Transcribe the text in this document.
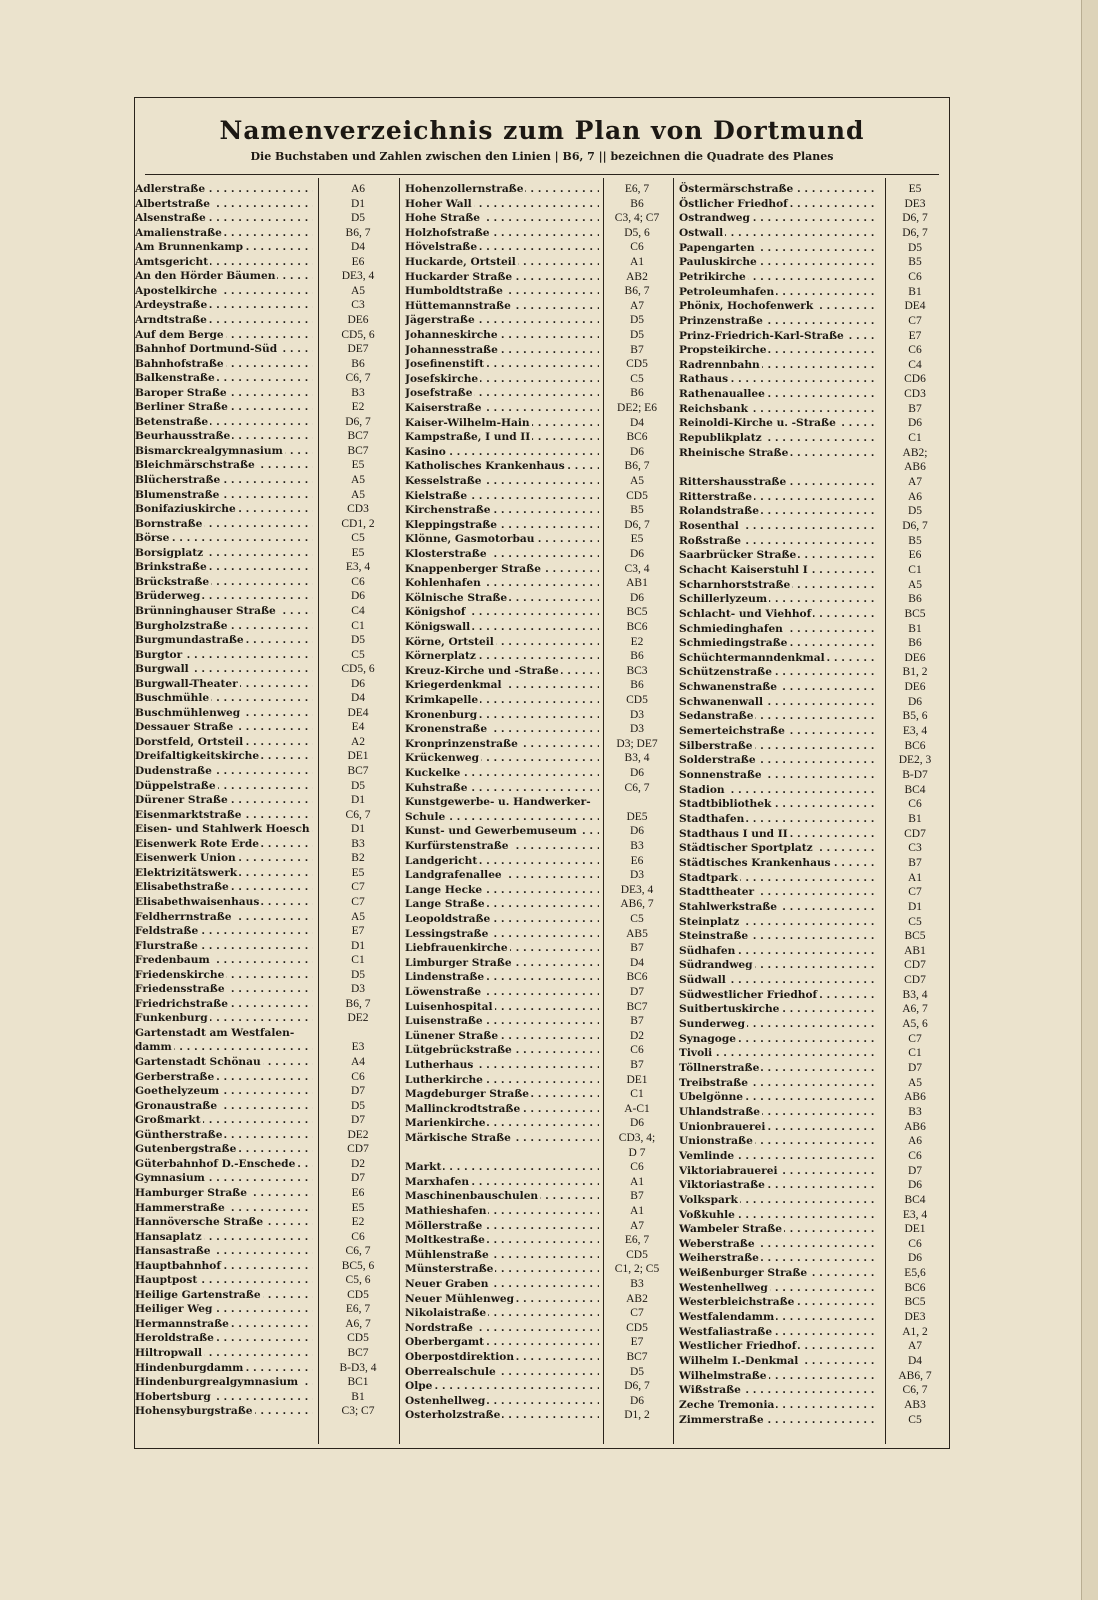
Namenverzeichnis zum Plan von Dortmund
Die Buchstaben und Zahlen zwischen den Linien | B6, 7 || bezeichnen die Quadrate des Planes
Adlerstraße . . .	A6
Albertstraße . . .	D1
Alsenstraße . . .	D5
Amalienstraße . . .	B6, 7
Am Brunnenkamp . . .	D4
Amtsgericht . . .	E6
An den Hörder Bäumen . . .	DE3, 4
Apostelkirche . . .	A5
Ardeystraße . . .	C3
Arndtstraße . . .	DE6
Auf dem Berge . . .	CD5, 6
Bahnhof Dortmund-Süd . . .	DE7
Bahnhofstraße . . .	B6
Balkenstraße . . .	C6, 7
Baroper Straße . . .	B3
Berliner Straße . . .	E2
Betenstraße . . .	D6, 7
Beurhausstraße . . .	BC7
Bismarckrealgymnasium . . .	BC7
Bleichmärschstraße . . .	E5
Blücherstraße . . .	A5
Blumenstraße . . .	A5
Bonifaziuskirche . . .	CD3
Bornstraße . . .	CD1, 2
Börse . . .	C5
Borsigplatz . . .	E5
Brinkstraße . . .	E3, 4
Brückstraße . . .	C6
Brüderweg . . .	D6
Brünninghauser Straße . . .	C4
Burgholzstraße . . .	C1
Burgmundastraße . . .	D5
Burgtor . . .	C5
Burgwall . . .	CD5, 6
Burgwall-Theater . . .	D6
Buschmühle . . .	D4
Buschmühlenweg . . .	DE4
Dessauer Straße . . .	E4
Dorstfeld, Ortsteil . . .	A2
Dreifaltigkeitskirche . . .	DE1
Dudenstraße . . .	BC7
Düppelstraße . . .	D5
Dürener Straße . . .	D1
Eisenmarktstraße . . .	C6, 7
Eisen- und Stahlwerk Hoesch . . .	D1
Eisenwerk Rote Erde . . .	B3
Eisenwerk Union . . .	B2
Elektrizitätswerk . . .	E5
Elisabethstraße . . .	C7
Elisabethwaisenhaus . . .	C7
Feldherrnstraße . . .	A5
Feldstraße . . .	E7
Flurstraße . . .	D1
Fredenbaum . . .	C1
Friedenskirche . . .	D5
Friedensstraße . . .	D3
Friedrichstraße . . .	B6, 7
Funkenburg . . .	DE2
Gartenstadt am Westfalen-
damm . . .	E3
Gartenstadt Schönau . . .	A4
Gerberstraße . . .	C6
Goethelyzeum . . .	D7
Gronaustraße . . .	D5
Großmarkt . . .	D7
Güntherstraße . . .	DE2
Gutenbergstraße . . .	CD7
Güterbahnhof D.-Enschede . . .	D2
Gymnasium . . .	D7
Hamburger Straße . . .	E6
Hammerstraße . . .	E5
Hannöversche Straße . . .	E2
Hansaplatz . . .	C6
Hansastraße . . .	C6, 7
Hauptbahnhof . . .	BC5, 6
Hauptpost . . .	C5, 6
Heilige Gartenstraße . . .	CD5
Heiliger Weg . . .	E6, 7
Hermannstraße . . .	A6, 7
Heroldstraße . . .	CD5
Hiltropwall . . .	BC7
Hindenburgdamm . . .	B-D3, 4
Hindenburgrealgymnasium . . .	BC1
Hobertsburg . . .	B1
Hohensyburgstraße . . .	C3; C7
Hohenzollernstraße . . .	E6, 7
Hoher Wall . . .	B6
Hohe Straße . . .	C3, 4; C7
Holzhofstraße . . .	D5, 6
Hövelstraße . . .	C6
Huckarde, Ortsteil . . .	A1
Huckarder Straße . . .	AB2
Humboldtstraße . . .	B6, 7
Hüttemannstraße . . .	A7
Jägerstraße . . .	D5
Johanneskirche . . .	D5
Johannesstraße . . .	B7
Josefinenstift . . .	CD5
Josefskirche . . .	C5
Josefstraße . . .	B6
Kaiserstraße . . .	DE2; E6
Kaiser-Wilhelm-Hain . . .	D4
Kampstraße, I und II . . .	BC6
Kasino . . .	D6
Katholisches Krankenhaus . . .	B6, 7
Kesselstraße . . .	A5
Kielstraße . . .	CD5
Kirchenstraße . . .	B5
Kleppingstraße . . .	D6, 7
Klönne, Gasmotorbau . . .	E5
Klosterstraße . . .	D6
Knappenberger Straße . . .	C3, 4
Kohlenhafen . . .	AB1
Kölnische Straße . . .	D6
Königshof . . .	BC5
Königswall . . .	BC6
Körne, Ortsteil . . .	E2
Körnerplatz . . .	B6
Kreuz-Kirche und -Straße . . .	BC3
Kriegerdenkmal . . .	B6
Krimkapelle . . .	CD5
Kronenburg . . .	D3
Kronenstraße . . .	D3
Kronprinzenstraße . . .	D3; DE7
Krückenweg . . .	B3, 4
Kuckelke . . .	D6
Kuhstraße . . .	C6, 7
Kunstgewerbe- u. Handwerker-
Schule . . .	DE5
Kunst- und Gewerbemuseum . . .	D6
Kurfürstenstraße . . .	B3
Landgericht . . .	E6
Landgrafenallee . . .	D3
Lange Hecke . . .	DE3, 4
Lange Straße . . .	AB6, 7
Leopoldstraße . . .	C5
Lessingstraße . . .	AB5
Liebfrauenkirche . . .	B7
Limburger Straße . . .	D4
Lindenstraße . . .	BC6
Löwenstraße . . .	D7
Luisenhospital . . .	BC7
Luisenstraße . . .	B7
Lünener Straße . . .	D2
Lütgebrückstraße . . .	C6
Lutherhaus . . .	B7
Lutherkirche . . .	DE1
Magdeburger Straße . . .	C1
Mallinckrodtstraße . . .	A-C1
Marienkirche . . .	D6
Märkische Straße . . .	CD3, 4;
D 7
Markt . . .	C6
Marxhafen . . .	A1
Maschinenbauschulen . . .	B7
Mathieshafen . . .	A1
Möllerstraße . . .	A7
Moltkestraße . . .	E6, 7
Mühlenstraße . . .	CD5
Münsterstraße . . .	C1, 2; C5
Neuer Graben . . .	B3
Neuer Mühlenweg . . .	AB2
Nikolaistraße . . .	C7
Nordstraße . . .	CD5
Oberbergamt . . .	E7
Oberpostdirektion . . .	BC7
Oberrealschule . . .	D5
Olpe . . .	D6, 7
Ostenhellweg . . .	D6
Osterholzstraße . . .	D1, 2
Östermärschstraße . . .	E5
Östlicher Friedhof . . .	DE3
Ostrandweg . . .	D6, 7
Ostwall . . .	D6, 7
Papengarten . . .	D5
Pauluskirche . . .	B5
Petrikirche . . .	C6
Petroleumhafen . . .	B1
Phönix, Hochofenwerk . . .	DE4
Prinzenstraße . . .	C7
Prinz-Friedrich-Karl-Straße . . .	E7
Propsteikirche . . .	C6
Radrennbahn . . .	C4
Rathaus . . .	CD6
Rathenauallee . . .	CD3
Reichsbank . . .	B7
Reinoldi-Kirche u. -Straße . . .	D6
Republikplatz . . .	C1
Rheinische Straße . . .	AB2;
AB6
Rittershausstraße . . .	A7
Ritterstraße . . .	A6
Rolandstraße . . .	D5
Rosenthal . . .	D6, 7
Roßstraße . . .	B5
Saarbrücker Straße . . .	E6
Schacht Kaiserstuhl I . . .	C1
Scharnhorststraße . . .	A5
Schillerlyzeum . . .	B6
Schlacht- und Viehhof . . .	BC5
Schmiedinghafen . . .	B1
Schmiedingstraße . . .	B6
Schüchtermanndenkmal . . .	DE6
Schützenstraße . . .	B1, 2
Schwanenstraße . . .	DE6
Schwanenwall . . .	D6
Sedanstraße . . .	B5, 6
Semerteichstraße . . .	E3, 4
Silberstraße . . .	BC6
Solderstraße . . .	DE2, 3
Sonnenstraße . . .	B-D7
Stadion . . .	BC4
Stadtbibliothek . . .	C6
Stadthafen . . .	B1
Stadthaus I und II . . .	CD7
Städtischer Sportplatz . . .	C3
Städtisches Krankenhaus . . .	B7
Stadtpark . . .	A1
Stadttheater . . .	C7
Stahlwerkstraße . . .	D1
Steinplatz . . .	C5
Steinstraße . . .	BC5
Südhafen . . .	AB1
Südrandweg . . .	CD7
Südwall . . .	CD7
Südwestlicher Friedhof . . .	B3, 4
Suitbertuskirche . . .	A6, 7
Sunderweg . . .	A5, 6
Synagoge . . .	C7
Tivoli . . .	C1
Töllnerstraße . . .	D7
Treibstraße . . .	A5
Ubelgönne . . .	AB6
Uhlandstraße . . .	B3
Unionbrauerei . . .	AB6
Unionstraße . . .	A6
Vemlinde . . .	C6
Viktoriabrauerei . . .	D7
Viktoriastraße . . .	D6
Volkspark . . .	BC4
Voßkuhle . . .	E3, 4
Wambeler Straße . . .	DE1
Weberstraße . . .	C6
Weiherstraße . . .	D6
Weißenburger Straße . . .	E5,6
Westenhellweg . . .	BC6
Westerbleichstraße . . .	BC5
Westfalendamm . . .	DE3
Westfaliastraße . . .	A1, 2
Westlicher Friedhof . . .	A7
Wilhelm I.-Denkmal . . .	D4
Wilhelmstraße . . .	AB6, 7
Wißstraße . . .	C6, 7
Zeche Tremonia . . .	AB3
Zimmerstraße . . .	C5
